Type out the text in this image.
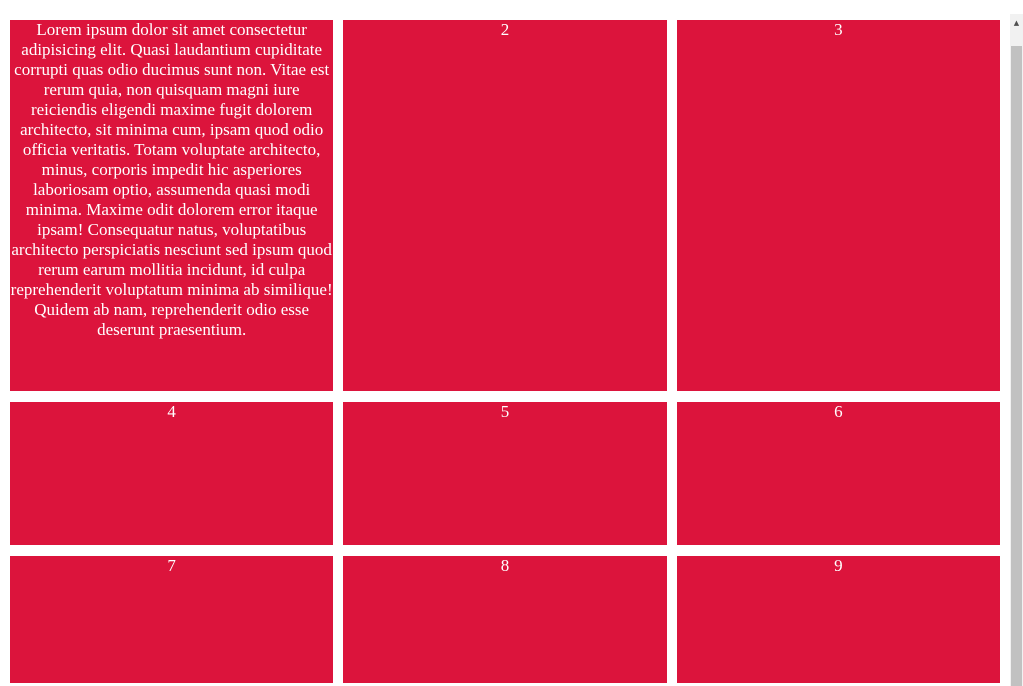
Lorem ipsum dolor sit amet consectetur adipisicing elit. Quasi laudantium cupiditate corrupti quas odio ducimus sunt non. Vitae est rerum quia, non quisquam magni iure reiciendis eligendi maxime fugit dolorem architecto, sit minima cum, ipsam quod odio officia veritatis. Totam voluptate architecto, minus, corporis impedit hic asperiores laboriosam optio, assumenda quasi modi minima. Maxime odit dolorem error itaque ipsam! Consequatur natus, voluptatibus architecto perspiciatis nesciunt sed ipsum quod rerum earum mollitia incidunt, id culpa reprehenderit voluptatum minima ab similique! Quidem ab nam, reprehenderit odio esse deserunt praesentium.
2	3
4	5	6
7	8	9
▲
